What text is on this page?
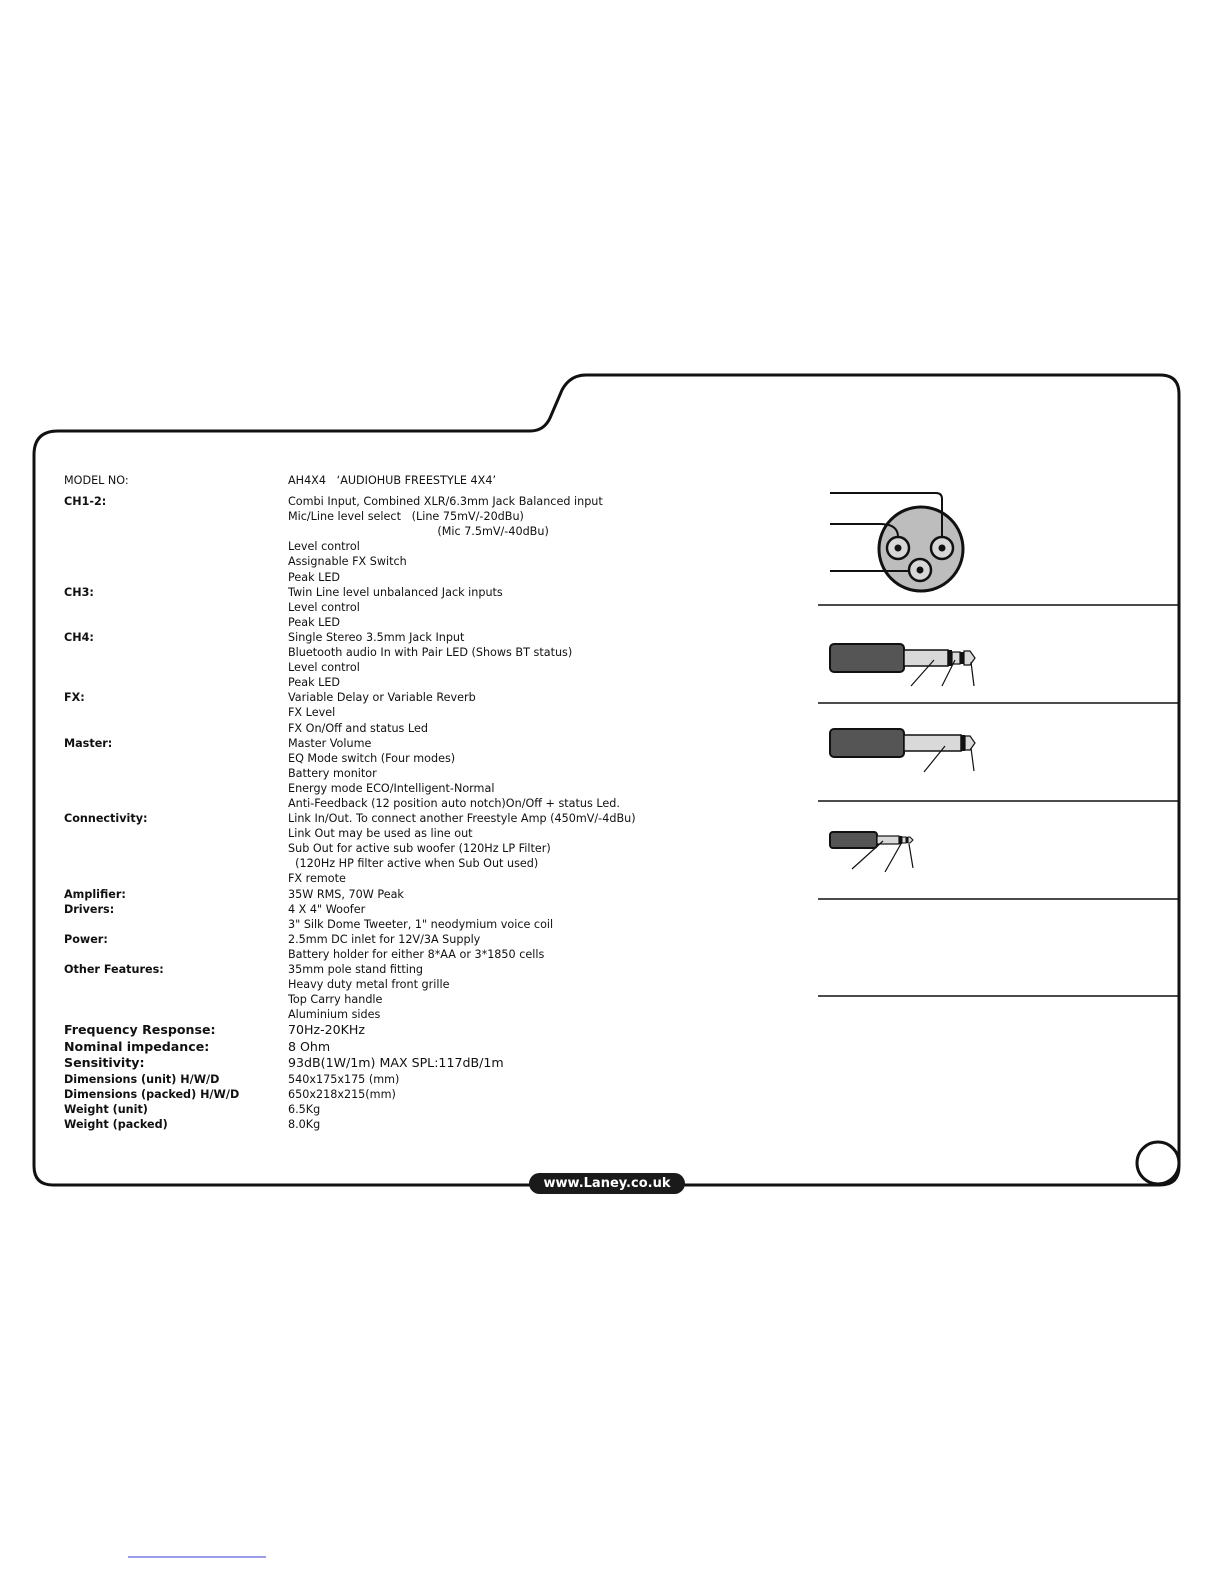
MODEL NO:	AH4X4   ‘AUDIOHUB FREESTYLE 4X4’
CH1-2:	Combi Input, Combined XLR/6.3mm Jack Balanced input
Mic/Line level select   (Line 75mV/-20dBu)
(Mic 7.5mV/-40dBu)
Level control
Assignable FX Switch
Peak LED
CH3:	Twin Line level unbalanced Jack inputs
Level control
Peak LED
CH4:	Single Stereo 3.5mm Jack Input
Bluetooth audio In with Pair LED (Shows BT status)
Level control
Peak LED
FX:	Variable Delay or Variable Reverb
FX Level
FX On/Off and status Led
Master:	Master Volume
EQ Mode switch (Four modes)
Battery monitor
Energy mode ECO/Intelligent-Normal
Anti-Feedback (12 position auto notch)On/Off + status Led.
Connectivity:	Link In/Out. To connect another Freestyle Amp (450mV/-4dBu)
Link Out may be used as line out
Sub Out for active sub woofer (120Hz LP Filter)
(120Hz HP filter active when Sub Out used)
FX remote
Amplifier:	35W RMS, 70W Peak
Drivers:	4 X 4" Woofer
3" Silk Dome Tweeter, 1" neodymium voice coil
Power:	2.5mm DC inlet for 12V/3A Supply
Battery holder for either 8*AA or 3*1850 cells
Other Features:	35mm pole stand fitting
Heavy duty metal front grille
Top Carry handle
Aluminium sides
Frequency Response:	70Hz-20KHz
Nominal impedance:	8 Ohm
Sensitivity:	93dB(1W/1m) MAX SPL:117dB/1m
Dimensions (unit) H/W/D	540x175x175 (mm)
Dimensions (packed) H/W/D	650x218x215(mm)
Weight (unit)	6.5Kg
Weight (packed)	8.0Kg
www.Laney.co.uk
